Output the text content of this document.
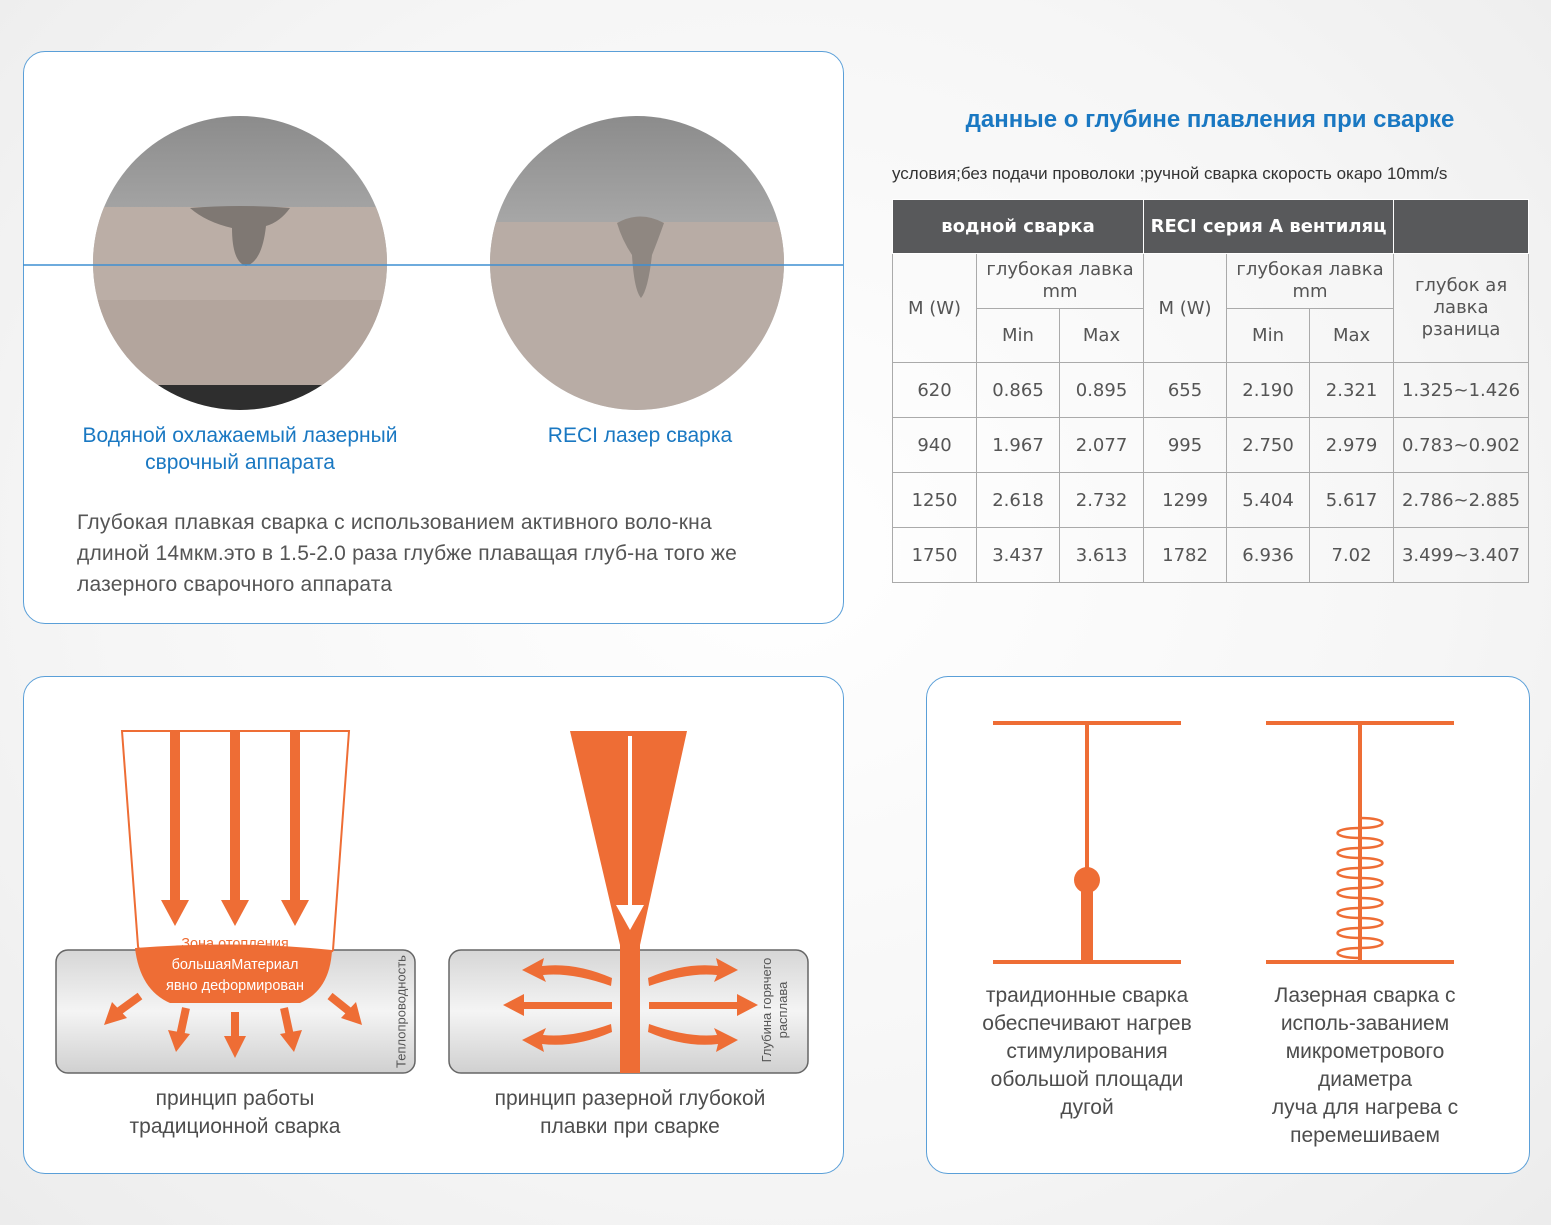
Водяной охлажаемый лазерный
сврочный аппарата
RECI лазер сварка
Глубокая плавкая сварка с использованием активного воло-кна
длиной 14мкм.это в 1.5-2.0 раза глубже плаващая глуб-на того же
лазерного сварочного аппарата
данные о глубине плавления при сварке
условия;без подачи проволоки ;ручной сварка скорость окаро 10mm/s
водной сварка			RECI серия A вентиляц			
M (W)	глубокая лавка mm		M (W)	глубокая лавка mm		глубок ая лавка рзаница
	Min	Max		Min	Max	
620	0.865	0.895	655	2.190	2.321	1.325~1.426
940	1.967	2.077	995	2.750	2.979	0.783~0.902
1250	2.618	2.732	1299	5.404	5.617	2.786~2.885
1750	3.437	3.613	1782	6.936	7.02	3.499~3.407
Зона отопления
большаяМатериал
явно деформирован	Теплопроводность	Глубина горячего расплава
принцип работы
традиционной сварка
принцип разерной глубокой
плавки при сварке
траидионные сварка
обеспечивают нагрев
стимулирования
обольшой площади
дугой
Лазерная сварка с
исполь-заванием
микрометрового
диаметра
луча для нагрева с
перемешиваем
